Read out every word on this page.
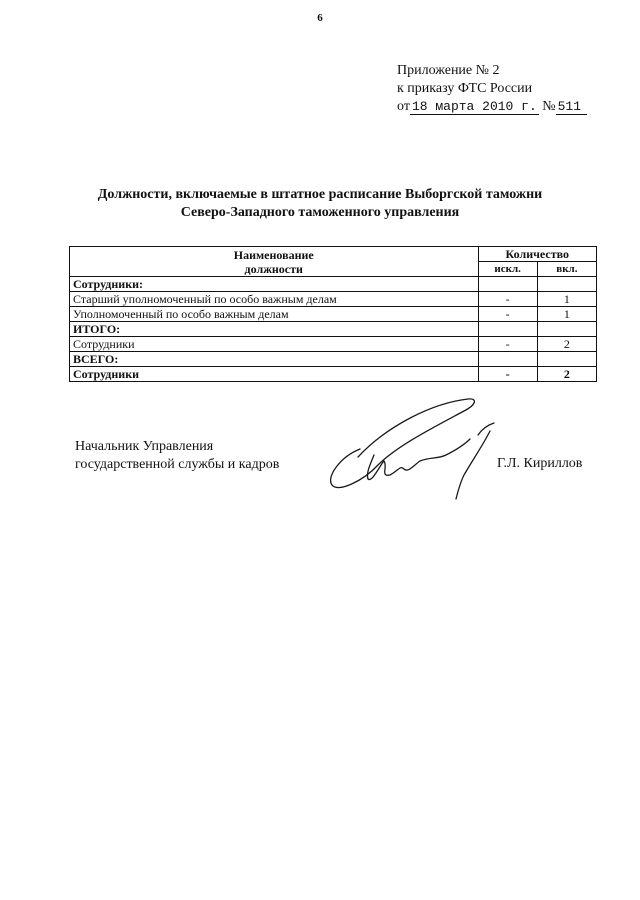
6
Приложение № 2
к приказу ФТС России
от 18 марта 2010 г. № 511
Должности, включаемые в штатное расписание Выборгской таможни
Северо-Западного таможенного управления
Наименование
должности	Количество	
	искл.	вкл.
Сотрудники:		
Старший уполномоченный по особо важным делам	-	1
Уполномоченный по особо важным делам	-	1
ИТОГО:		
Сотрудники	-	2
ВСЕГО:		
Сотрудники	-	2
Начальник Управления
государственной службы и кадров	Г.Л. Кириллов
